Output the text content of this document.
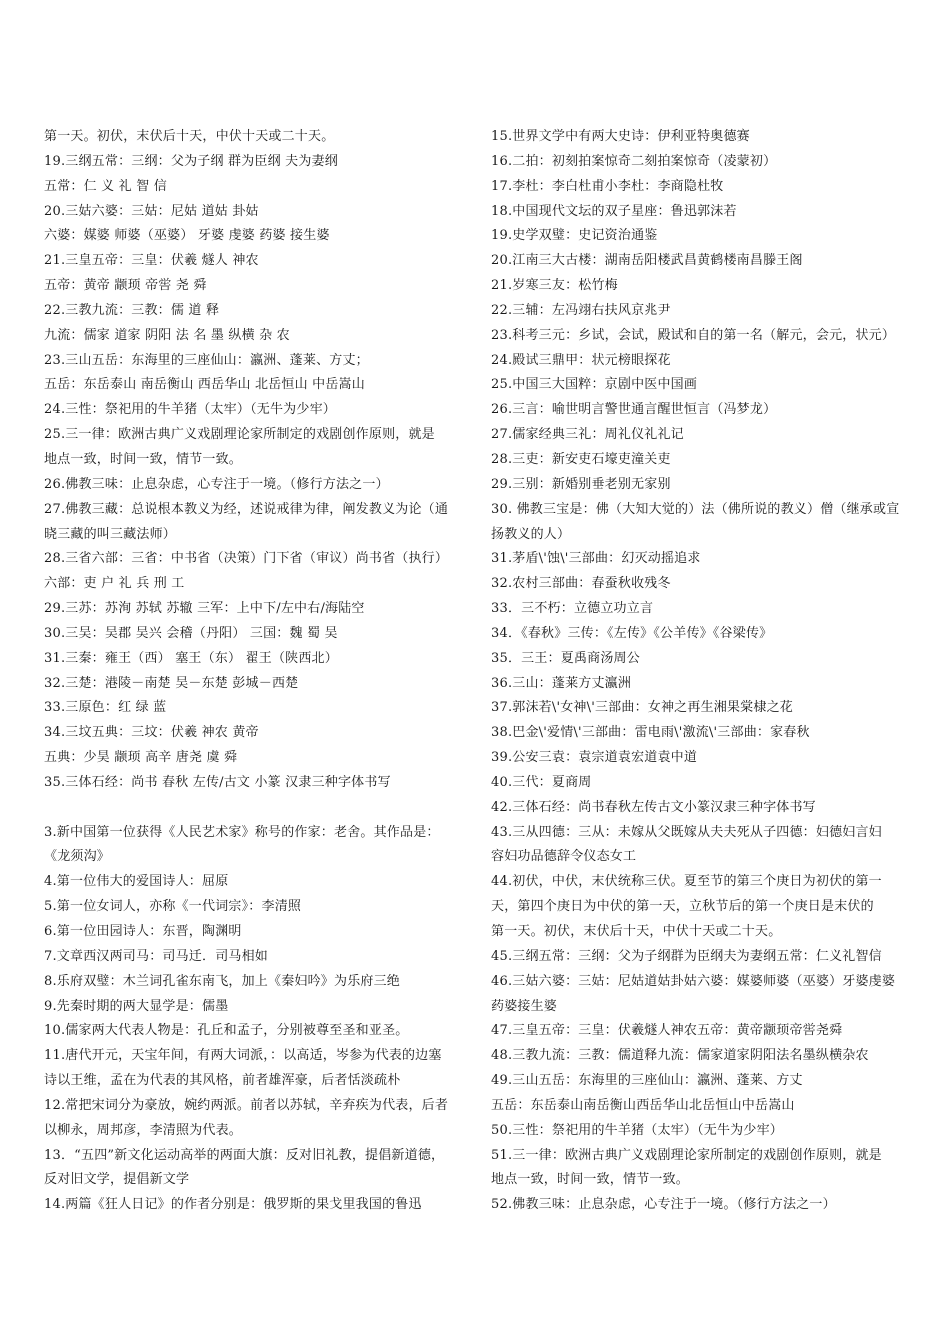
第一天。初伏，末伏后十天，中伏十天或二十天。
19.三纲五常：三纲：父为子纲 群为臣纲 夫为妻纲
五常：仁 义 礼 智 信
20.三姑六婆：三姑：尼姑 道姑 卦姑
六婆：媒婆 师婆（巫婆） 牙婆 虔婆 药婆 接生婆
21.三皇五帝：三皇：伏羲 燧人 神农
五帝：黄帝 颛顼 帝喾 尧 舜
22.三教九流：三教：儒 道 释
九流：儒家 道家 阴阳 法 名 墨 纵横 杂 农
23.三山五岳：东海里的三座仙山：瀛洲、蓬莱、方丈；
五岳：东岳泰山 南岳衡山 西岳华山 北岳恒山 中岳嵩山
24.三性：祭祀用的牛羊猪（太牢）（无牛为少牢）
25.三一律：欧洲古典广义戏剧理论家所制定的戏剧创作原则，就是
地点一致，时间一致，情节一致。
26.佛教三味：止息杂虑，心专注于一境。（修行方法之一）
27.佛教三藏：总说根本教义为经，述说戒律为律，阐发教义为论（通
晓三藏的叫三藏法师）
28.三省六部：三省：中书省（决策）门下省（审议）尚书省（执行）
六部：吏 户 礼 兵 刑 工
29.三苏：苏洵 苏轼 苏辙 三军：上中下/左中右/海陆空
30.三吴：吴郡 吴兴 会稽（丹阳） 三国：魏 蜀 吴
31.三秦：雍王（西） 塞王（东） 翟王（陕西北）
32.三楚：港陵－南楚 吴－东楚 彭城－西楚
33.三原色：红 绿 蓝
34.三坟五典：三坟：伏羲 神农 黄帝
五典：少昊 颛顼 高辛 唐尧 虞 舜
35.三体石经：尚书 春秋 左传/古文 小篆 汉隶三种字体书写
3.新中国第一位获得《人民艺术家》称号的作家：老舍。其作品是：
《龙须沟》
4.第一位伟大的爱国诗人：屈原
5.第一位女词人，亦称《一代词宗》：李清照
6.第一位田园诗人：东晋，陶渊明
7.文章西汉两司马：司马迁．司马相如
8.乐府双璧：木兰词孔雀东南飞，加上《秦妇吟》为乐府三绝
9.先秦时期的两大显学是：儒墨
10.儒家两大代表人物是：孔丘和孟子，分别被尊至圣和亚圣。
11.唐代开元，天宝年间，有两大词派，：以高适，岑参为代表的边塞
诗以王维，孟在为代表的其风格，前者雄浑豪，后者恬淡疏朴
12.常把宋词分为豪放，婉约两派。前者以苏轼，辛弃疾为代表，后者
以柳永，周邦彦，李清照为代表。
13．“五四”新文化运动高举的两面大旗：反对旧礼教，提倡新道德，
反对旧文学，提倡新文学
14.两篇《狂人日记》的作者分别是：俄罗斯的果戈里我国的鲁迅
15.世界文学中有两大史诗：伊利亚特奥德赛
16.二拍：初刻拍案惊奇二刻拍案惊奇（凌蒙初）
17.李杜：李白杜甫小李杜：李商隐杜牧
18.中国现代文坛的双子星座：鲁迅郭沫若
19.史学双璧：史记资治通鉴
20.江南三大古楼：湖南岳阳楼武昌黄鹤楼南昌滕王阁
21.岁寒三友：松竹梅
22.三辅：左冯翊右扶风京兆尹
23.科考三元：乡试，会试，殿试和自的第一名（解元，会元，状元）
24.殿试三鼎甲：状元榜眼探花
25.中国三大国粹：京剧中医中国画
26.三言：喻世明言警世通言醒世恒言（冯梦龙）
27.儒家经典三礼：周礼仪礼礼记
28.三吏：新安吏石壕吏潼关吏
29.三别：新婚别垂老别无家别
30. 佛教三宝是：佛（大知大觉的）法（佛所说的教义）僧（继承或宣
扬教义的人）
31.茅盾\'蚀\'三部曲：幻灭动摇追求
32.农村三部曲：春蚕秋收残冬
33．三不朽：立德立功立言
34．《春秋》三传：《左传》《公羊传》《谷梁传》
35．三王：夏禹商汤周公
36.三山：蓬莱方丈瀛洲
37.郭沫若\'女神\'三部曲：女神之再生湘果棠棣之花
38.巴金\'爱情\'三部曲：雷电雨\'激流\'三部曲：家春秋
39.公安三袁：袁宗道袁宏道袁中道
40.三代：夏商周
42.三体石经：尚书春秋左传古文小篆汉隶三种字体书写
43.三从四德：三从：未嫁从父既嫁从夫夫死从子四德：妇德妇言妇
容妇功品德辞令仪态女工
44.初伏，中伏，末伏统称三伏。夏至节的第三个庚日为初伏的第一
天，第四个庚日为中伏的第一天，立秋节后的第一个庚日是末伏的
第一天。初伏，末伏后十天，中伏十天或二十天。
45.三纲五常：三纲：父为子纲群为臣纲夫为妻纲五常：仁义礼智信
46.三姑六婆：三姑：尼姑道姑卦姑六婆：媒婆师婆（巫婆）牙婆虔婆
药婆接生婆
47.三皇五帝：三皇：伏羲燧人神农五帝：黄帝颛顼帝喾尧舜
48.三教九流：三教：儒道释九流：儒家道家阴阳法名墨纵横杂农
49.三山五岳：东海里的三座仙山：瀛洲、蓬莱、方丈
五岳：东岳泰山南岳衡山西岳华山北岳恒山中岳嵩山
50.三性：祭祀用的牛羊猪（太牢）（无牛为少牢）
51.三一律：欧洲古典广义戏剧理论家所制定的戏剧创作原则，就是
地点一致，时间一致，情节一致。
52.佛教三味：止息杂虑，心专注于一境。（修行方法之一）
